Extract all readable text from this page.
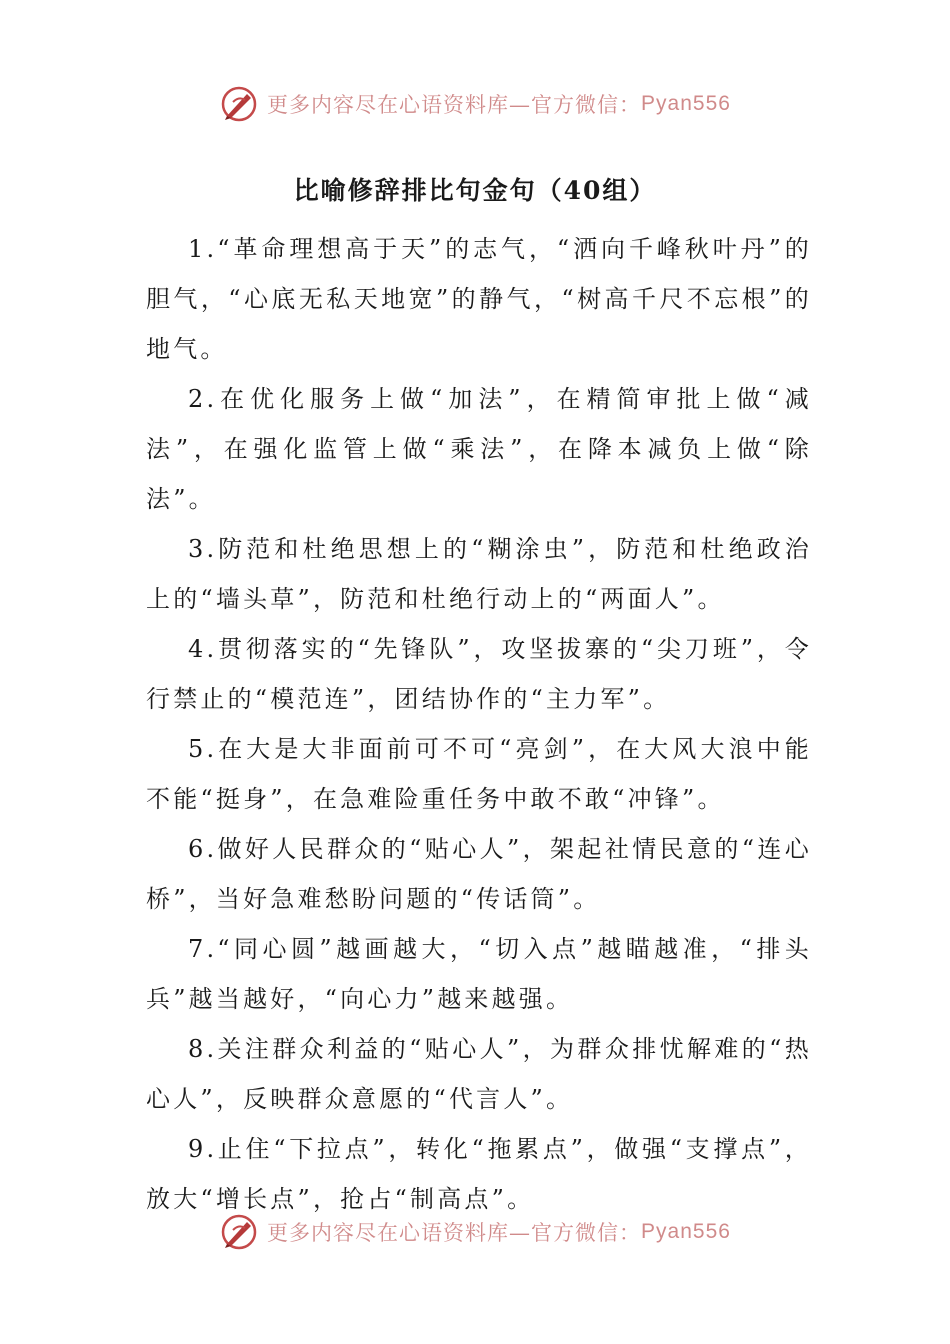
更多内容尽在心语资料库—官方微信： Pyan556
比喻修辞排比句金句（40组）

1.“革命理想高于天”的志气，“洒向千峰秋叶丹”的胆气，“心底无私天地宽”的静气，“树高千尺不忘根”的地气。

2.在优化服务上做“加法”，在精简审批上做“减法”，在强化监管上做“乘法”，在降本减负上做“除法”。

3.防范和杜绝思想上的“糊涂虫”，防范和杜绝政治上的“墙头草”，防范和杜绝行动上的“两面人”。

4.贯彻落实的“先锋队”，攻坚拔寨的“尖刀班”，令行禁止的“模范连”，团结协作的“主力军”。

5.在大是大非面前可不可“亮剑”，在大风大浪中能不能“挺身”，在急难险重任务中敢不敢“冲锋”。

6.做好人民群众的“贴心人”，架起社情民意的“连心桥”，当好急难愁盼问题的“传话筒”。

7.“同心圆”越画越大，“切入点”越瞄越准，“排头兵”越当越好，“向心力”越来越强。

8.关注群众利益的“贴心人”，为群众排忧解难的“热心人”，反映群众意愿的“代言人”。

9.止住“下拉点”，转化“拖累点”，做强“支撑点”，放大“增长点”，抢占“制高点”。

更多内容尽在心语资料库—官方微信： Pyan556
